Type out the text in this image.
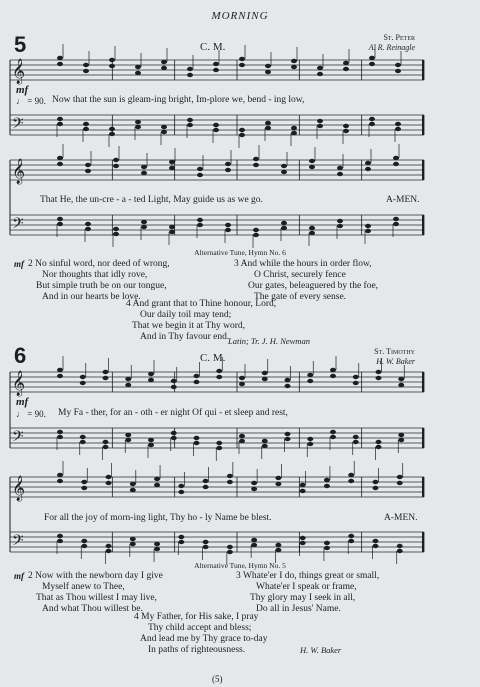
𝄞
𝄢
𝄞
𝄢
𝄞
𝄢
𝄞
𝄢
MORNING
5	C. M.
St. Peter
A. R. Reinagle
mf
♩ = 90. Now that the sun is gleam-ing bright, Im-plore we, bend - ing low,
That He, the un-cre - a - ted Light, May guide us as we go.	A-MEN.
Alternative Tune, Hymn No. 6
mf 2 No sinful word, nor deed of wrong,
Nor thoughts that idly rove,
But simple truth be on our tongue,
And in our hearts be love.
3 And while the hours in order flow,
O Christ, securely fence
Our gates, beleaguered by the foe,
The gate of every sense.
4 And grant that to Thine honour, Lord,
Our daily toil may tend;
That we begin it at Thy word,
And in Thy favour end.
Latin; Tr. J. H. Newman
6	C. M.
St. Timothy
H. W. Baker
mf
♩ = 90. My Fa - ther, for an - oth - er night Of qui - et sleep and rest,
For all the joy of morn-ing light, Thy ho - ly Name be blest.	A-MEN.
Alternative Tune, Hymn No. 5
mf 2 Now with the newborn day I give
Myself anew to Thee,
That as Thou willest I may live,
And what Thou willest be.
3 Whate'er I do, things great or small,
Whate'er I speak or frame,
Thy glory may I seek in all,
Do all in Jesus' Name.
4 My Father, for His sake, I pray
Thy child accept and bless;
And lead me by Thy grace to-day
In paths of righteousness.	H. W. Baker
(5)
